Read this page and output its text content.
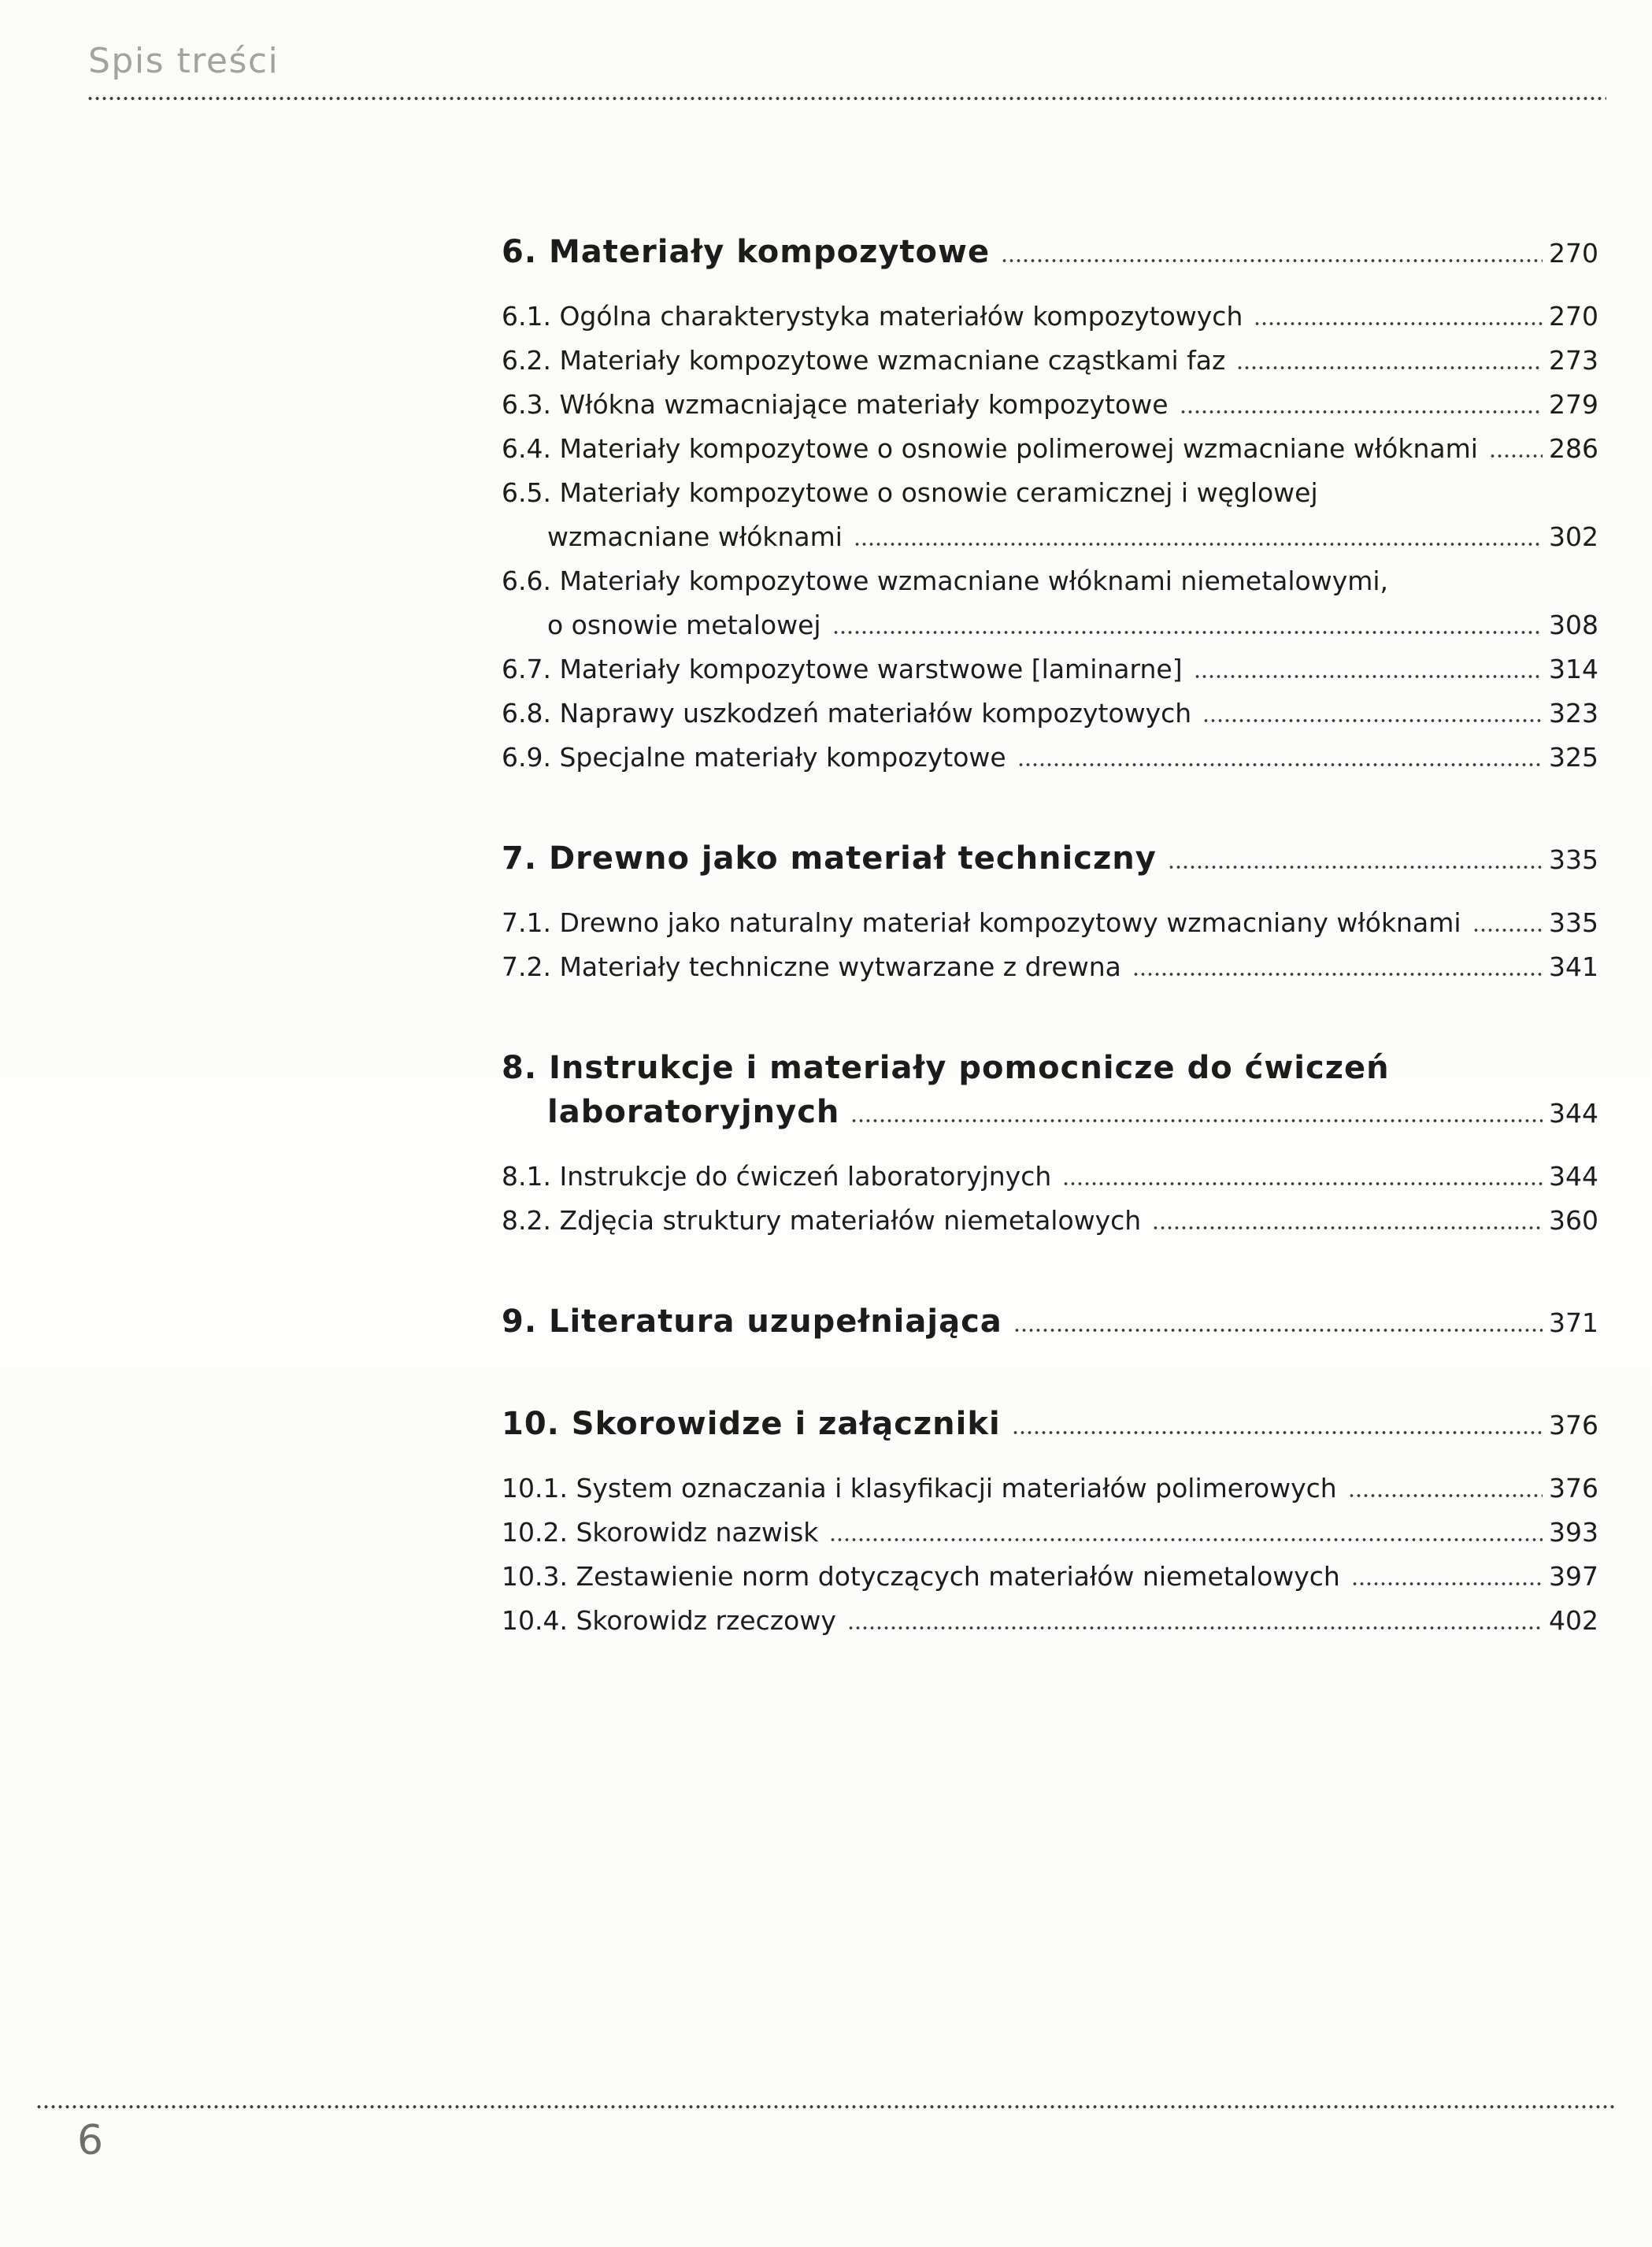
Spis treści
6. Materiały kompozytowe	270
6.1. Ogólna charakterystyka materiałów kompozytowych	270
6.2. Materiały kompozytowe wzmacniane cząstkami faz	273
6.3. Włókna wzmacniające materiały kompozytowe	279
6.4. Materiały kompozytowe o osnowie polimerowej wzmacniane włóknami	286
6.5. Materiały kompozytowe o osnowie ceramicznej i węglowej
wzmacniane włóknami	302
6.6. Materiały kompozytowe wzmacniane włóknami niemetalowymi,
o osnowie metalowej	308
6.7. Materiały kompozytowe warstwowe [laminarne]	314
6.8. Naprawy uszkodzeń materiałów kompozytowych	323
6.9. Specjalne materiały kompozytowe	325
7. Drewno jako materiał techniczny	335
7.1. Drewno jako naturalny materiał kompozytowy wzmacniany włóknami	335
7.2. Materiały techniczne wytwarzane z drewna	341
8. Instrukcje i materiały pomocnicze do ćwiczeń
laboratoryjnych	344
8.1. Instrukcje do ćwiczeń laboratoryjnych	344
8.2. Zdjęcia struktury materiałów niemetalowych	360
9. Literatura uzupełniająca	371
10. Skorowidze i załączniki	376
10.1. System oznaczania i klasyfikacji materiałów polimerowych	376
10.2. Skorowidz nazwisk	393
10.3. Zestawienie norm dotyczących materiałów niemetalowych	397
10.4. Skorowidz rzeczowy	402
6
